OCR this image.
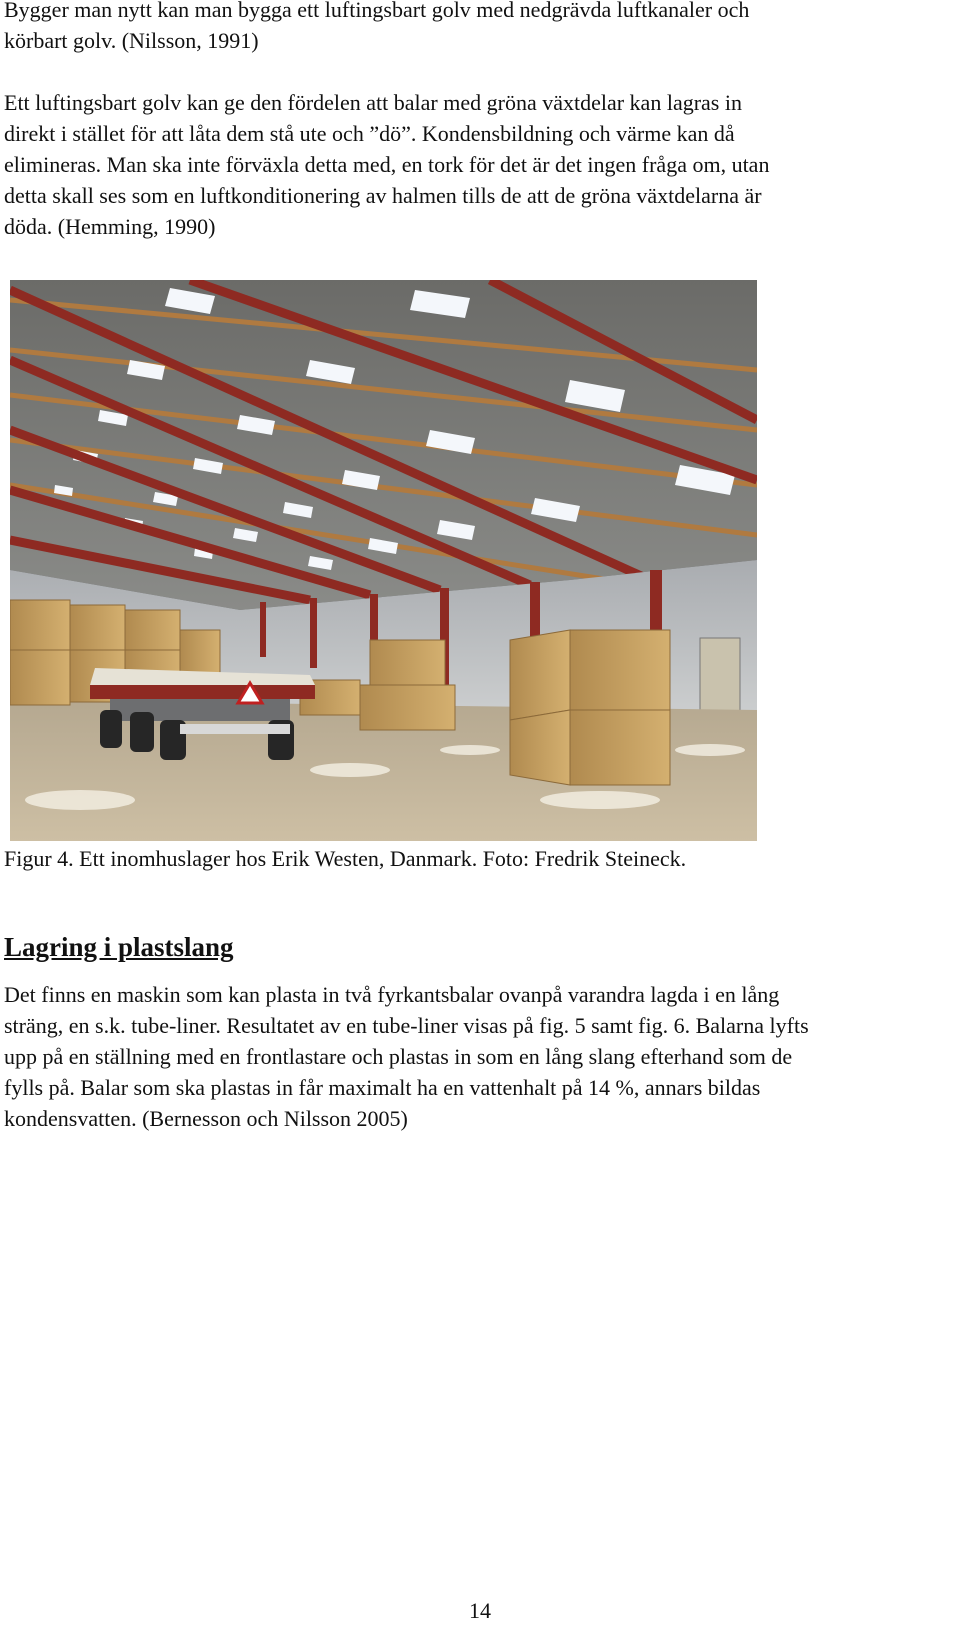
Bygger man nytt kan man bygga ett luftingsbart golv med nedgrävda luftkanaler och
körbart golv. (Nilsson, 1991)
Ett luftingsbart golv kan ge den fördelen att balar med gröna växtdelar kan lagras in
direkt i stället för att låta dem stå ute och ”dö”. Kondensbildning och värme kan då
elimineras. Man ska inte förväxla detta med, en tork för det är det ingen fråga om, utan
detta skall ses som en luftkonditionering av halmen tills de att de gröna växtdelarna är
döda. (Hemming, 1990)

Figur 4. Ett inomhuslager hos Erik Westen, Danmark. Foto: Fredrik Steineck.

Lagring i plastslang
Det finns en maskin som kan plasta in två fyrkantsbalar ovanpå varandra lagda i en lång
sträng, en s.k. tube-liner. Resultatet av en tube-liner visas på fig. 5 samt fig. 6. Balarna lyfts
upp på en ställning med en frontlastare och plastas in som en lång slang efterhand som de
fylls på. Balar som ska plastas in får maximalt ha en vattenhalt på 14 %, annars bildas
kondensvatten. (Bernesson och Nilsson 2005)

14
